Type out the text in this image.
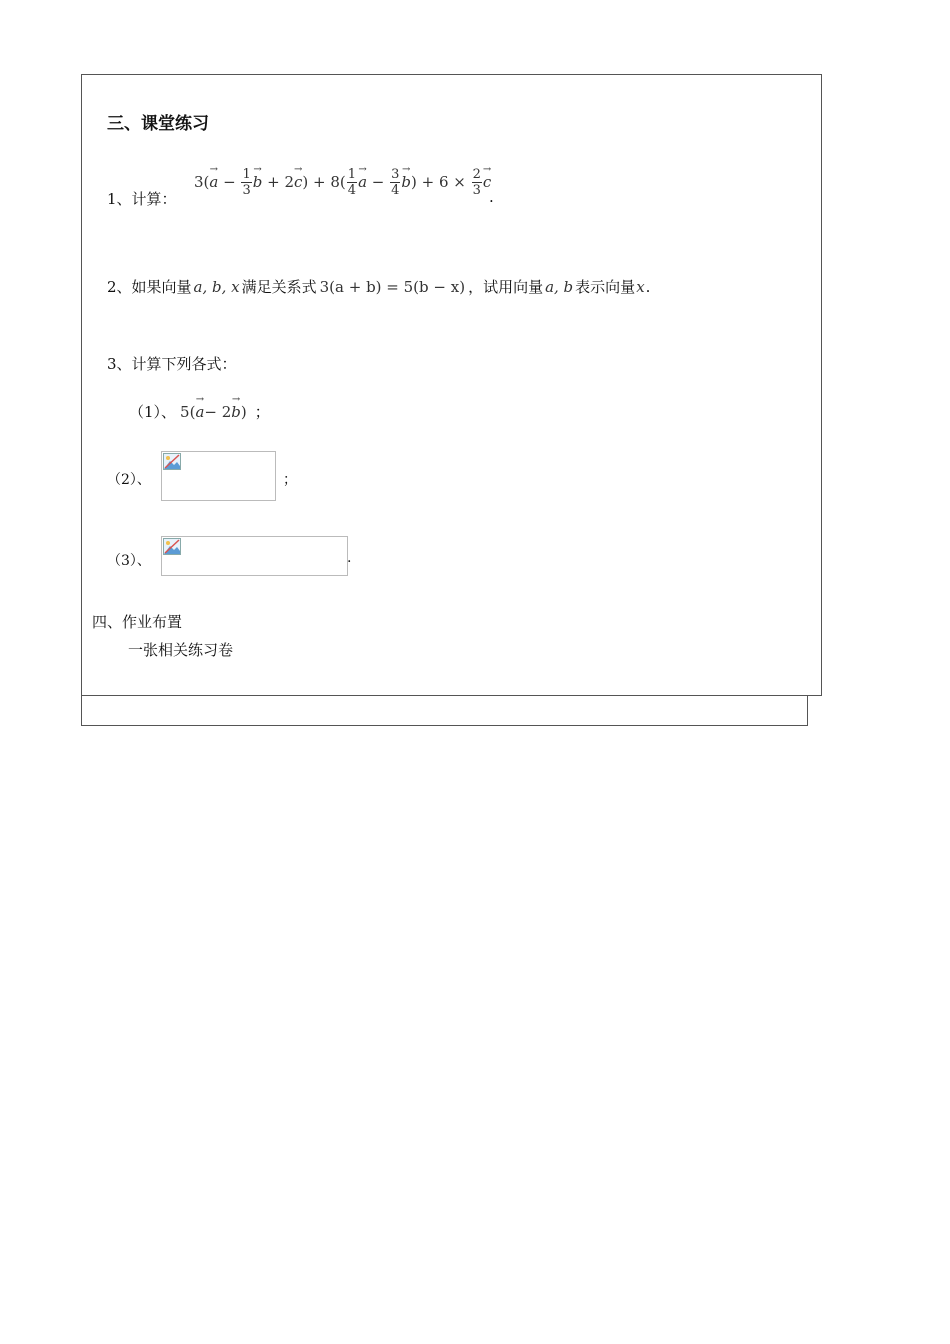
三、课堂练习
1、计算：
3(
→ $a - \frac{1}{3}$
→ b + 2
→ c ) + $8( \frac{1}{4}$
→ $a - \frac{3}{4}$
→ b ) + $6 \times \frac{2}{3}$
→ c
.
2、如果向量 a, b, x 满足关系式 3(a + b) = 5(b − x) ，试用向量 a, b 表示向量 x .
3、计算下列各式：
（1）、 5(→ a− 2→ b) ；
（2）、	；
（3）、	.
四、作业布置
一张相关练习卷
